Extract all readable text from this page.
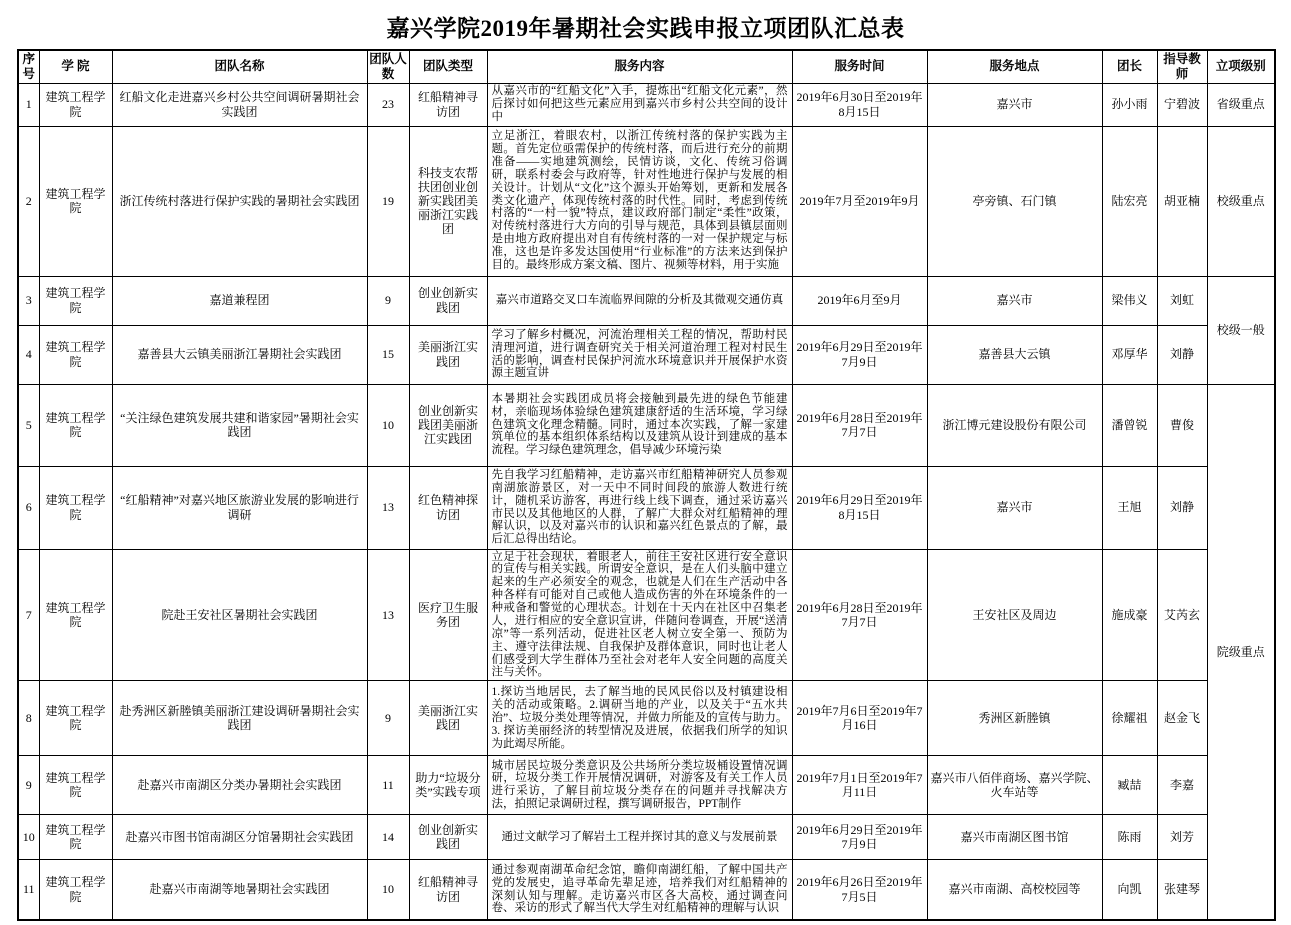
嘉兴学院2019年暑期社会实践申报立项团队汇总表
序号	学 院	团队名称	团队人数	团队类型	服务内容	服务时间	服务地点	团长	指导教师	立项级别
1	建筑工程学院	红船文化走进嘉兴乡村公共空间调研暑期社会实践团	23	红船精神寻访团	从嘉兴市的“红船文化”入手，提炼出“红船文化元素”，然后探讨如何把这些元素应用到嘉兴市乡村公共空间的设计中	2019年6月30日至2019年8月15日	嘉兴市	孙小雨	宁碧波	省级重点
2	建筑工程学院	浙江传统村落进行保护实践的暑期社会实践团	19	科技支农帮扶团创业创新实践团美丽浙江实践团	立足浙江，着眼农村，以浙江传统村落的保护实践为主题。首先定位亟需保护的传统村落，而后进行充分的前期准备——实地建筑测绘，民情访谈，文化、传统习俗调研，联系村委会与政府等，针对性地进行保护与发展的相关设计。计划从“文化”这个源头开始筹划，更新和发展各类文化遗产，体现传统村落的时代性。同时，考虑到传统村落的“一村一貌”特点，建议政府部门制定“柔性”政策，对传统村落进行大方向的引导与规范，具体到县镇层面则是由地方政府提出对自有传统村落的一对一保护规定与标准，这也是许多发达国使用“行业标准”的方法来达到保护目的。最终形成方案文稿、图片、视频等材料，用于实施	2019年7月至2019年9月	亭旁镇、石门镇	陆宏亮	胡亚楠	校级重点
3	建筑工程学院	嘉道兼程团	9	创业创新实践团	嘉兴市道路交叉口车流临界间隙的分析及其微观交通仿真	2019年6月至9月	嘉兴市	梁伟义	刘虹	校级一般
4	建筑工程学院	嘉善县大云镇美丽浙江暑期社会实践团	15	美丽浙江实践团	学习了解乡村概况，河流治理相关工程的情况，帮助村民清理河道，进行调查研究关于相关河道治理工程对村民生活的影响，调查村民保护河流水环境意识并开展保护水资源主题宣讲	2019年6月29日至2019年7月9日	嘉善县大云镇	邓厚华	刘静	
5	建筑工程学院	“关注绿色建筑发展共建和谐家园”暑期社会实践团	10	创业创新实践团美丽浙江实践团	本暑期社会实践团成员将会接触到最先进的绿色节能建材，亲临现场体验绿色建筑建康舒适的生活环境，学习绿色建筑文化理念精髓。同时，通过本次实践，了解一家建筑单位的基本组织体系结构以及建筑从设计到建成的基本流程。学习绿色建筑理念，倡导减少环境污染	2019年6月28日至2019年7月7日	浙江博元建设股份有限公司	潘曾锐	曹俊	院级重点
6	建筑工程学院	“红船精神”对嘉兴地区旅游业发展的影响进行调研	13	红色精神探访团	先自我学习红船精神，走访嘉兴市红船精神研究人员参观南湖旅游景区，对一天中不同时间段的旅游人数进行统计，随机采访游客，再进行线上线下调查，通过采访嘉兴市民以及其他地区的人群，了解广大群众对红船精神的理解认识，以及对嘉兴市的认识和嘉兴红色景点的了解，最后汇总得出结论。	2019年6月29日至2019年8月15日	嘉兴市	王旭	刘静	
7	建筑工程学院	院赴王安社区暑期社会实践团	13	医疗卫生服务团	立足于社会现状，着眼老人，前往王安社区进行安全意识的宣传与相关实践。所谓安全意识，是在人们头脑中建立起来的生产必须安全的观念，也就是人们在生产活动中各种各样有可能对自己或他人造成伤害的外在环境条件的一种戒备和警觉的心理状态。计划在十天内在社区中召集老人，进行相应的安全意识宣讲，伴随问卷调查，开展“送清凉”等一系列活动，促进社区老人树立安全第一、预防为主、遵守法律法规、自我保护及群体意识，同时也让老人们感受到大学生群体乃至社会对老年人安全问题的高度关注与关怀。	2019年6月28日至2019年7月7日	王安社区及周边	施成豪	艾芮玄	
8	建筑工程学院	赴秀洲区新塍镇美丽浙江建设调研暑期社会实践团	9	美丽浙江实践团	1.探访当地居民，去了解当地的民风民俗以及村镇建设相关的活动或策略。2.调研当地的产业，以及关于“五水共治”、垃圾分类处理等情况，并做力所能及的宣传与助力。3. 探访美丽经济的转型情况及进展，依据我们所学的知识为此竭尽所能。	2019年7月6日至2019年7月16日	秀洲区新塍镇	徐耀祖	赵金飞	
9	建筑工程学院	赴嘉兴市南湖区分类办暑期社会实践团	11	助力“垃圾分类”实践专项	城市居民垃圾分类意识及公共场所分类垃圾桶设置情况调研，垃圾分类工作开展情况调研，对游客及有关工作人员进行采访，了解目前垃圾分类存在的问题并寻找解决方法，拍照记录调研过程，撰写调研报告，PPT制作	2019年7月1日至2019年7月11日	嘉兴市八佰伴商场、嘉兴学院、火车站等	臧喆	李嘉	
10	建筑工程学院	赴嘉兴市图书馆南湖区分馆暑期社会实践团	14	创业创新实践团	通过文献学习了解岩土工程并探讨其的意义与发展前景	2019年6月29日至2019年7月9日	嘉兴市南湖区图书馆	陈雨	刘芳	
11	建筑工程学院	赴嘉兴市南湖等地暑期社会实践团	10	红船精神寻访团	通过参观南湖革命纪念馆，瞻仰南湖红船，了解中国共产党的发展史，追寻革命先辈足迹，培养我们对红船精神的深刻认知与理解。走访嘉兴市区各大高校，通过调查问卷、采访的形式了解当代大学生对红船精神的理解与认识	2019年6月26日至2019年7月5日	嘉兴市南湖、高校校园等	向凯	张建琴	
